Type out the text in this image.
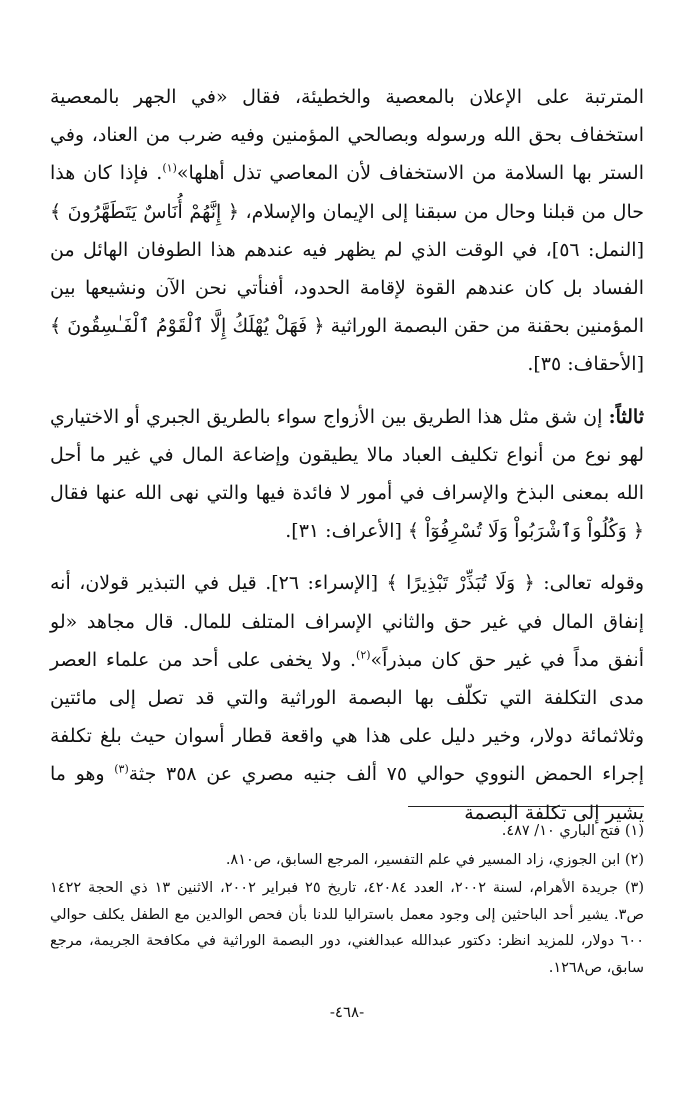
المترتبة على الإعلان بالمعصية والخطيئة، فقال «في الجهر بالمعصية استخفاف بحق الله ورسوله وبصالحي المؤمنين وفيه ضرب من العناد، وفي الستر بها السلامة من الاستخفاف لأن المعاصي تذل أهلها»$^{(١)}$. فإذا كان هذا حال من قبلنا وحال من سبقنا إلى الإيمان والإسلام، ﴿ إِنَّهُمْ أُنَاسٌ يَتَطَهَّرُونَ ﴾ [النمل: ٥٦]، في الوقت الذي لم يظهر فيه عندهم هذا الطوفان الهائل من الفساد بل كان عندهم القوة لإقامة الحدود، أفنأتي نحن الآن ونشيعها بين المؤمنين بحقنة من حقن البصمة الوراثية ﴿ فَهَلْ يُهْلَكُ إِلَّا ٱلْقَوْمُ ٱلْفَـٰسِقُونَ ﴾ [الأحقاف: ٣٥].

ثالثاً: إن شق مثل هذا الطريق بين الأزواج سواء بالطريق الجبري أو الاختياري لهو نوع من أنواع تكليف العباد مالا يطيقون وإضاعة المال في غير ما أحل الله بمعنى البذخ والإسراف في أمور لا فائدة فيها والتي نهى الله عنها فقال ﴿ وَكُلُواْ وَٱشْرَبُواْ وَلَا تُسْرِفُوٓاْ ﴾ [الأعراف: ٣١].

وقوله تعالى: ﴿ وَلَا تُبَذِّرْ تَبْذِيرًا ﴾ [الإسراء: ٢٦]. قيل في التبذير قولان، أنه إنفاق المال في غير حق والثاني الإسراف المتلف للمال. قال مجاهد «لو أنفق مداً في غير حق كان مبذراً»$^{(٢)}$. ولا يخفى على أحد من علماء العصر مدى التكلفة التي تكلّف بها البصمة الوراثية والتي قد تصل إلى مائتين وثلاثمائة دولار، وخير دليل على هذا هي واقعة قطار أسوان حيث بلغ تكلفة إجراء الحمض النووي حوالي ٧٥ ألف جنيه مصري عن ٣٥٨ جثة$^{(٣)}$ وهو ما يشير إلى تكلفة البصمة

(١) فتح الباري ١٠/ ٤٨٧.

(٢) ابن الجوزي، زاد المسير في علم التفسير، المرجع السابق، ص٨١٠.

(٣) جريدة الأهرام، لسنة ٢٠٠٢، العدد ٤٢٠٨٤، تاريخ ٢٥ فبراير ٢٠٠٢، الاثنين ١٣ ذي الحجة ١٤٢٢ ص٣. يشير أحد الباحثين إلى وجود معمل باستراليا للدنا بأن فحص الوالدين مع الطفل يكلف حوالي ٦٠٠ دولار، للمزيد انظر: دكتور عبدالله عبدالغني، دور البصمة الوراثية في مكافحة الجريمة، مرجع سابق، ص١٢٦٨.

-٤٦٨-
